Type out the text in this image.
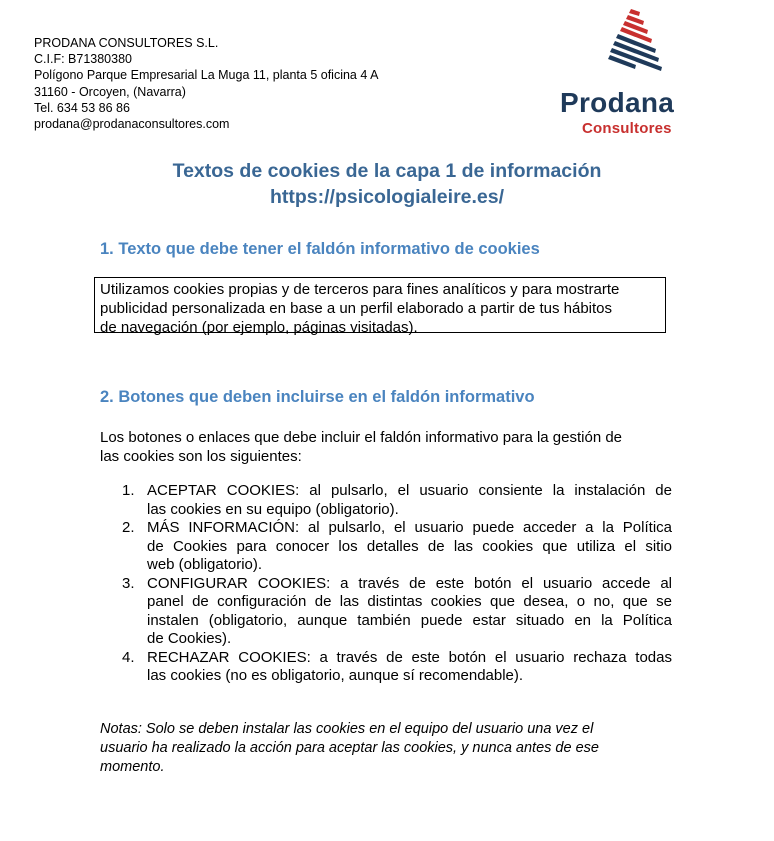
PRODANA CONSULTORES S.L.
C.I.F: B71380380
Polígono Parque Empresarial La Muga 11, planta 5 oficina 4 A
31160 - Orcoyen, (Navarra)
Tel. 634 53 86 86
prodana@prodanaconsultores.com
Prodana
Consultores
Textos de cookies de la capa 1 de información
https://psicologialeire.es/
1. Texto que debe tener el faldón informativo de cookies
Utilizamos cookies propias y de terceros para fines analíticos y para mostrarte
publicidad personalizada en base a un perfil elaborado a partir de tus hábitos
de navegación (por ejemplo, páginas visitadas).
2. Botones que deben incluirse en el faldón informativo
Los botones o enlaces que debe incluir el faldón informativo para la gestión de
las cookies son los siguientes:
1. ACEPTAR COOKIES: al pulsarlo, el usuario consiente la instalación de
las cookies en su equipo (obligatorio).
2. MÁS INFORMACIÓN: al pulsarlo, el usuario puede acceder a la Política
de Cookies para conocer los detalles de las cookies que utiliza el sitio
web (obligatorio).
3. CONFIGURAR COOKIES: a través de este botón el usuario accede al
panel de configuración de las distintas cookies que desea, o no, que se
instalen (obligatorio, aunque también puede estar situado en la Política
de Cookies).
4. RECHAZAR COOKIES: a través de este botón el usuario rechaza todas
las cookies (no es obligatorio, aunque sí recomendable).
Notas: Solo se deben instalar las cookies en el equipo del usuario una vez el
usuario ha realizado la acción para aceptar las cookies, y nunca antes de ese
momento.
